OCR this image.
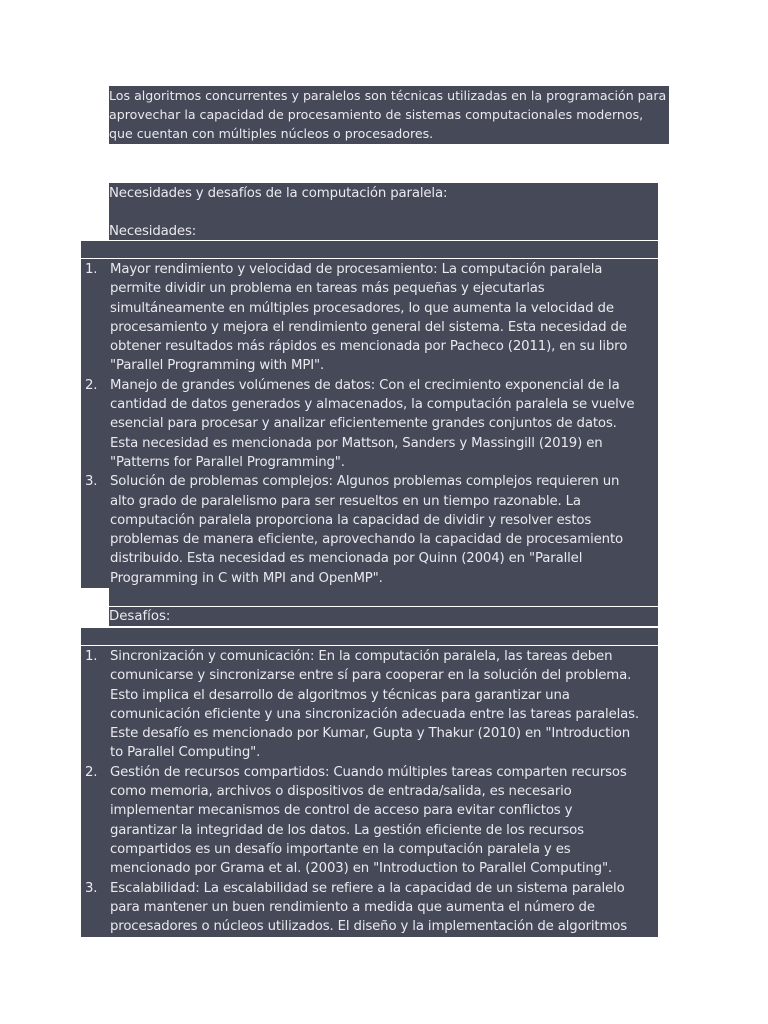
Los algoritmos concurrentes y paralelos son técnicas utilizadas en la programación para
aprovechar la capacidad de procesamiento de sistemas computacionales modernos,
que cuentan con múltiples núcleos o procesadores.

Necesidades y desafíos de la computación paralela:

Necesidades:

1. Mayor rendimiento y velocidad de procesamiento: La computación paralela
permite dividir un problema en tareas más pequeñas y ejecutarlas
simultáneamente en múltiples procesadores, lo que aumenta la velocidad de
procesamiento y mejora el rendimiento general del sistema. Esta necesidad de
obtener resultados más rápidos es mencionada por Pacheco (2011), en su libro
"Parallel Programming with MPI".
2. Manejo de grandes volúmenes de datos: Con el crecimiento exponencial de la
cantidad de datos generados y almacenados, la computación paralela se vuelve
esencial para procesar y analizar eficientemente grandes conjuntos de datos.
Esta necesidad es mencionada por Mattson, Sanders y Massingill (2019) en
"Patterns for Parallel Programming".
3. Solución de problemas complejos: Algunos problemas complejos requieren un
alto grado de paralelismo para ser resueltos en un tiempo razonable. La
computación paralela proporciona la capacidad de dividir y resolver estos
problemas de manera eficiente, aprovechando la capacidad de procesamiento
distribuido. Esta necesidad es mencionada por Quinn (2004) en "Parallel
Programming in C with MPI and OpenMP".
Desafíos:
1. Sincronización y comunicación: En la computación paralela, las tareas deben
comunicarse y sincronizarse entre sí para cooperar en la solución del problema.
Esto implica el desarrollo de algoritmos y técnicas para garantizar una
comunicación eficiente y una sincronización adecuada entre las tareas paralelas.
Este desafío es mencionado por Kumar, Gupta y Thakur (2010) en "Introduction
to Parallel Computing".
2. Gestión de recursos compartidos: Cuando múltiples tareas comparten recursos
como memoria, archivos o dispositivos de entrada/salida, es necesario
implementar mecanismos de control de acceso para evitar conflictos y
garantizar la integridad de los datos. La gestión eficiente de los recursos
compartidos es un desafío importante en la computación paralela y es
mencionado por Grama et al. (2003) en "Introduction to Parallel Computing".
3. Escalabilidad: La escalabilidad se refiere a la capacidad de un sistema paralelo
para mantener un buen rendimiento a medida que aumenta el número de
procesadores o núcleos utilizados. El diseño y la implementación de algoritmos
